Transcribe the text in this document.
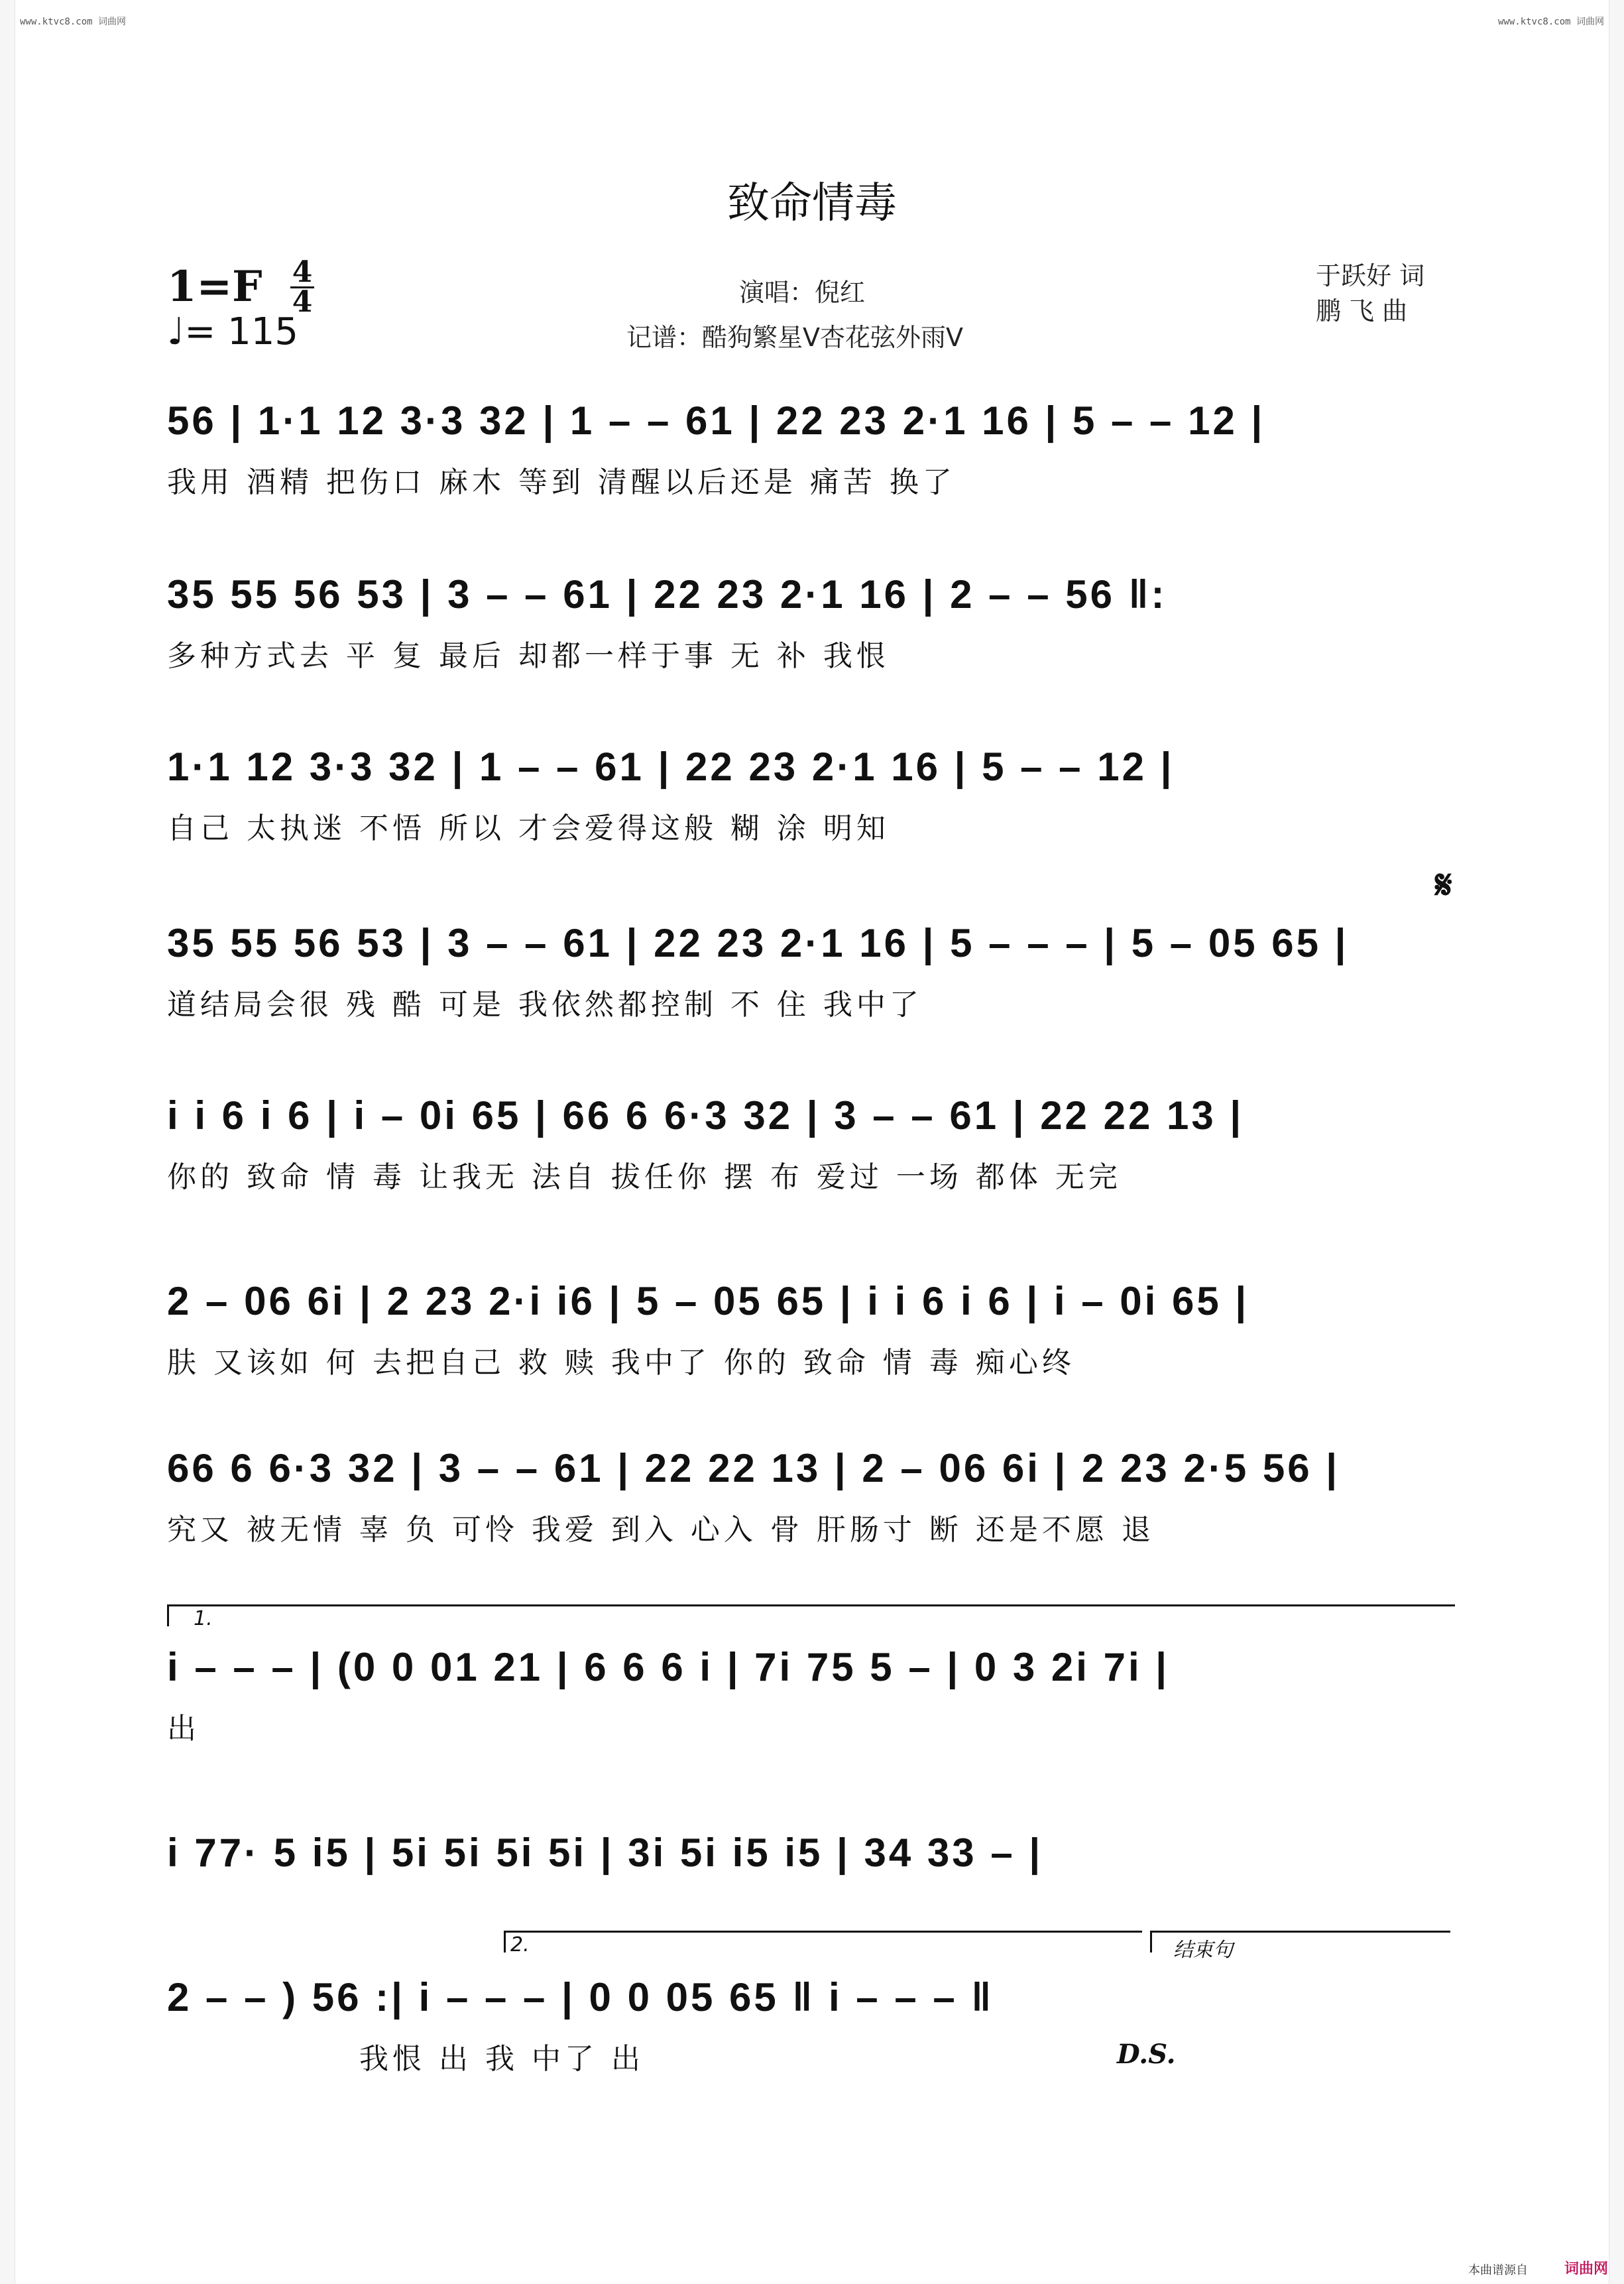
www.ktvc8.com 词曲网	www.ktvc8.com 词曲网
致命情毒
1=F 4
4
♩= 115
演唱：倪红
记谱：酷狗繁星V杏花弦外雨V
于跃好 词
鹏 飞 曲
56 | 1·1 12 3·3 32 | 1 – – 61 | 22 23 2·1 16 | 5 – – 12 |
我用 酒精 把伤口 麻木 等到 清醒以后还是 痛苦 换了
35 55 56 53 | 3 – – 61 | 22 23 2·1 16 | 2 – – 56 ‖:
多种方式去 平 复 最后 却都一样于事 无 补 我恨
1·1 12 3·3 32 | 1 – – 61 | 22 23 2·1 16 | 5 – – 12 |
自己 太执迷 不悟 所以 才会爱得这般 糊 涂 明知
𝄋
35 55 56 53 | 3 – – 61 | 22 23 2·1 16 | 5 – – – | 5 – 05 65 |
道结局会很 残 酷 可是 我依然都控制 不 住 我中了
i i 6 i 6 | i – 0i 65 | 66 6 6·3 32 | 3 – – 61 | 22 22 13 |
你的 致命 情 毒 让我无 法自 拔任你 摆 布 爱过 一场 都体 无完
2 – 06 6i | 2 23 2·i i6 | 5 – 05 65 | i i 6 i 6 | i – 0i 65 |
肤 又该如 何 去把自己 救 赎 我中了 你的 致命 情 毒 痴心终
66 6 6·3 32 | 3 – – 61 | 22 22 13 | 2 – 06 6i | 2 23 2·5 56 |
究又 被无情 辜 负 可怜 我爱 到入 心入 骨 肝肠寸 断 还是不愿 退
1.
i – – – | (0 0 01 21 | 6 6 6 i | 7i 75 5 – | 0 3 2i 7i |
出
i 77· 5 i5 | 5i 5i 5i 5i | 3i 5i i5 i5 | 34 33 – |
2.	结束句
2 – – ) 56 :| i – – – | 0 0 05 65 ‖ i – – – ‖
我恨 出 我 中了 出	D.S.
本曲谱源自	词曲网
